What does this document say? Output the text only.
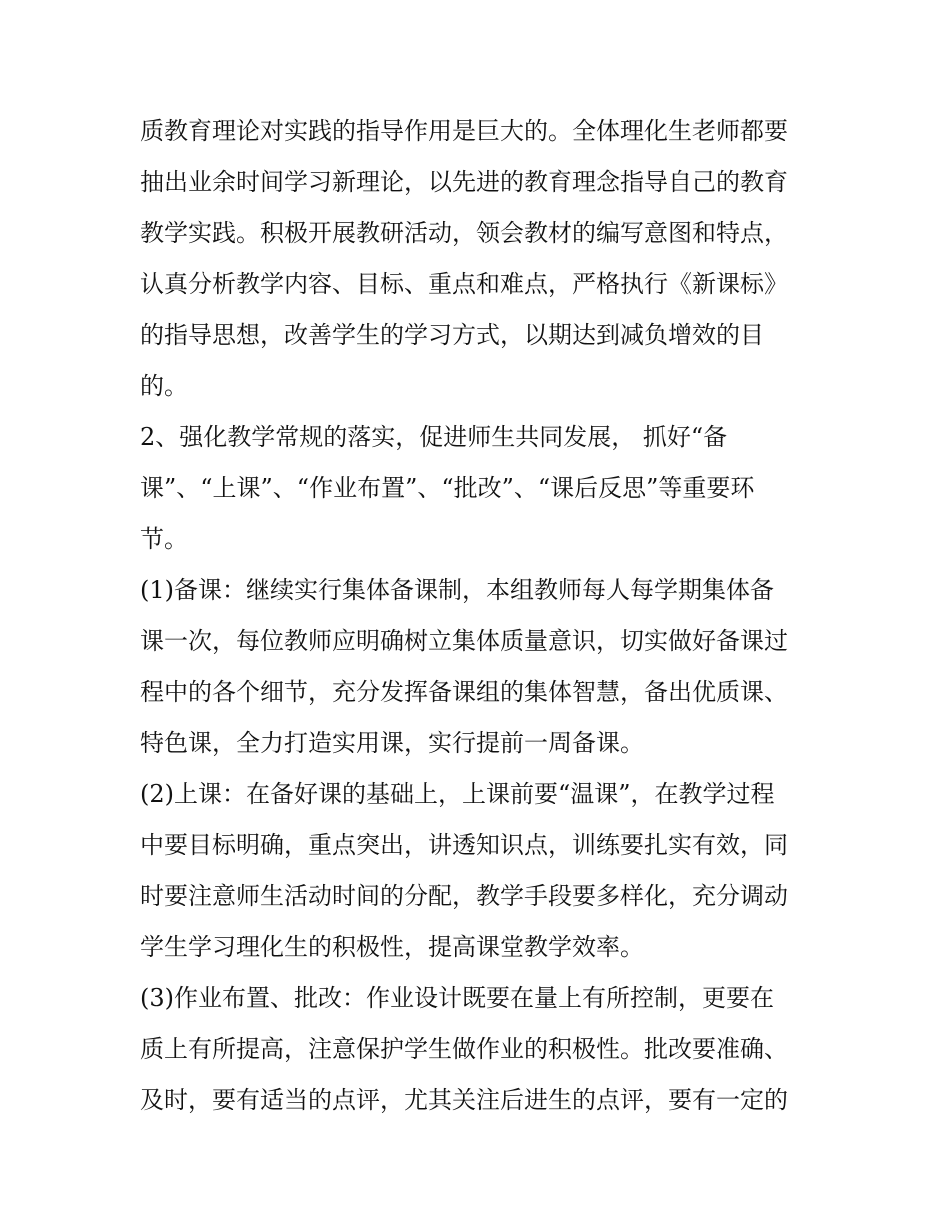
质教育理论对实践的指导作用是巨大的。全体理化生老师都要
抽出业余时间学习新理论，以先进的教育理念指导自己的教育
教学实践。积极开展教研活动，领会教材的编写意图和特点，
认真分析教学内容、目标、重点和难点，严格执行《新课标》
的指导思想，改善学生的学习方式，以期达到减负增效的目
的。
2、强化教学常规的落实，促进师生共同发展， 抓好“备
课”、“上课”、“作业布置”、“批改”、“课后反思”等重要环
节。
(1)备课：继续实行集体备课制，本组教师每人每学期集体备
课一次，每位教师应明确树立集体质量意识，切实做好备课过
程中的各个细节，充分发挥备课组的集体智慧，备出优质课、
特色课，全力打造实用课，实行提前一周备课。
(2)上课：在备好课的基础上，上课前要“温课”，在教学过程
中要目标明确，重点突出，讲透知识点，训练要扎实有效，同
时要注意师生活动时间的分配，教学手段要多样化，充分调动
学生学习理化生的积极性，提高课堂教学效率。
(3)作业布置、批改：作业设计既要在量上有所控制，更要在
质上有所提高，注意保护学生做作业的积极性。批改要准确、
及时，要有适当的点评，尤其关注后进生的点评，要有一定的
